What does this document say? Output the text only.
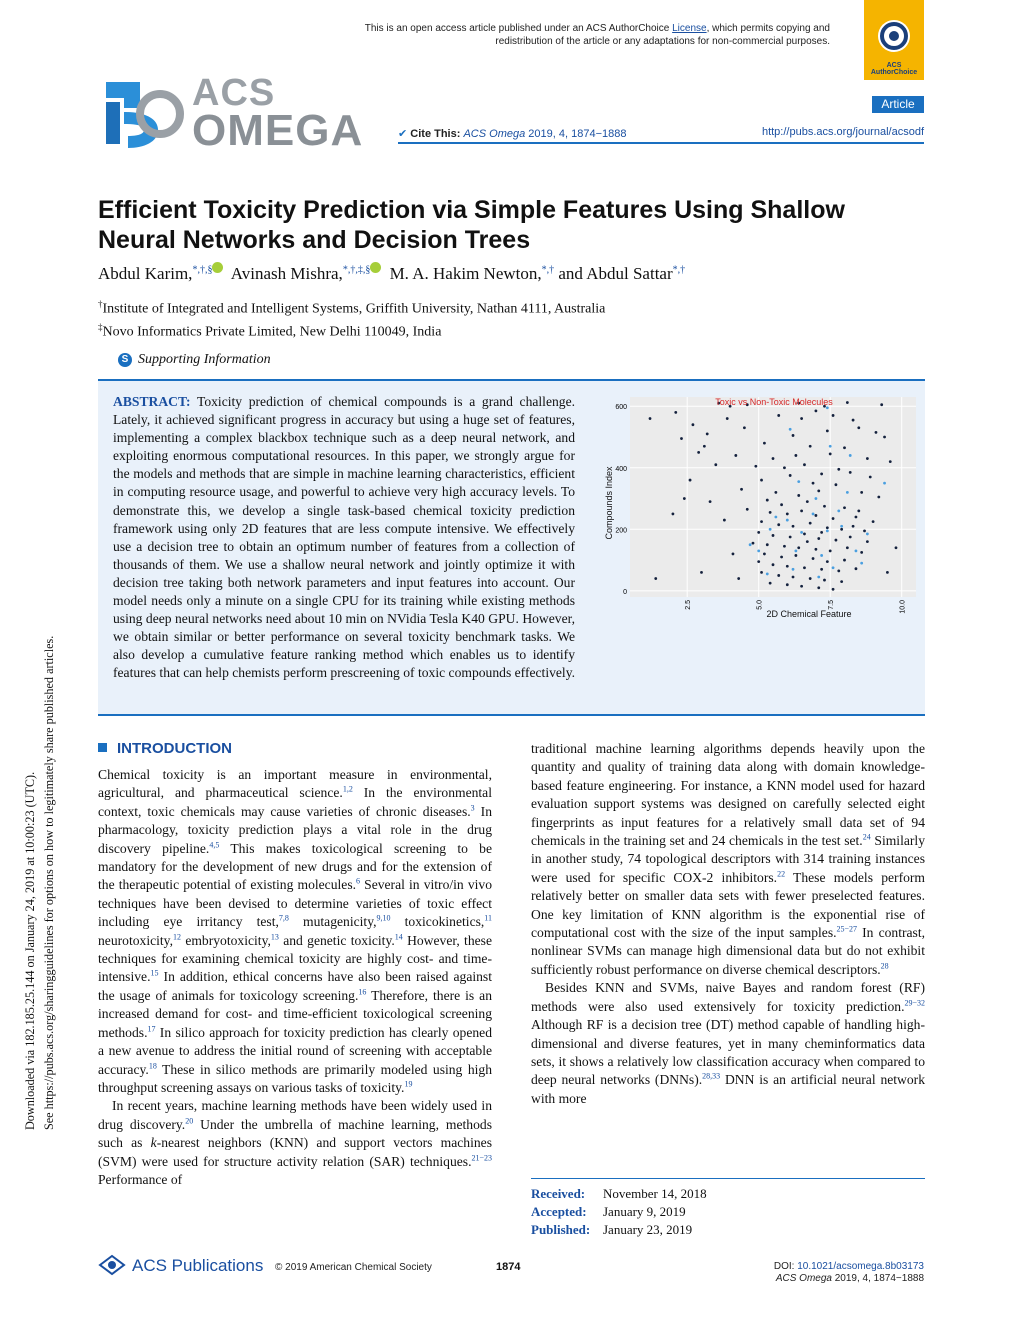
This is an open access article published under an ACS AuthorChoice License, which permits copying and redistribution of the article or any adaptations for non-commercial purposes.
ACS AuthorChoice
ACS
OMEGA
Article
✔ Cite This: ACS Omega 2019, 4, 1874−1888	http://pubs.acs.org/journal/acsodf
Efficient Toxicity Prediction via Simple Features Using Shallow Neural Networks and Decision Trees
Abdul Karim,*,†,§ Avinash Mishra,*,†,‡,§ M. A. Hakim Newton,*,† and Abdul Sattar*,†
†Institute of Integrated and Intelligent Systems, Griffith University, Nathan 4111, Australia
‡Novo Informatics Private Limited, New Delhi 110049, India
S Supporting Information
ABSTRACT: Toxicity prediction of chemical compounds is a grand challenge. Lately, it achieved significant progress in accuracy but using a huge set of features, implementing a complex blackbox technique such as a deep neural network, and exploiting enormous computational resources. In this paper, we strongly argue for the models and methods that are simple in machine learning characteristics, efficient in computing resource usage, and powerful to achieve very high accuracy levels. To demonstrate this, we develop a single task-based chemical toxicity prediction framework using only 2D features that are less compute intensive. We effectively use a decision tree to obtain an optimum number of features from a collection of thousands of them. We use a shallow neural network and jointly optimize it with decision tree taking both network parameters and input features into account. Our model needs only a minute on a single CPU for its training while existing methods using deep neural networks need about 10 min on NVidia Tesla K40 GPU. However, we obtain similar or better performance on several toxicity benchmark tasks. We also develop a cumulative feature ranking method which enables us to identify features that can help chemists perform prescreening of toxic compounds effectively.
0
200
400
600
2.5	5.0	7.5	10.0
Toxic vs Non-Toxic Molecules
2D Chemical Feature
Compounds Index
INTRODUCTION

Chemical toxicity is an important measure in environmental, agricultural, and pharmaceutical science.$^{1,2}$ In the environmental context, toxic chemicals may cause varieties of chronic diseases.$^3$ In pharmacology, toxicity prediction plays a vital role in the drug discovery pipeline.$^{4,5}$ This makes toxicological screening to be mandatory for the development of new drugs and for the extension of the therapeutic potential of existing molecules.$^6$ Several in vitro/in vivo techniques have been devised to determine varieties of toxic effect including eye irritancy test,$^{7,8}$ mutagenicity,$^{9,10}$ toxicokinetics,$^{11}$ neurotoxicity,$^{12}$ embryotoxicity,$^{13}$ and genetic toxicity.$^{14}$ However, these techniques for examining chemical toxicity are highly cost- and time-intensive.$^{15}$ In addition, ethical concerns have also been raised against the usage of animals for toxicology screening.$^{16}$ Therefore, there is an increased demand for cost- and time-efficient toxicological screening methods.$^{17}$ In silico approach for toxicity prediction has clearly opened a new avenue to address the initial round of screening with acceptable accuracy.$^{18}$ These in silico methods are primarily modeled using high throughput screening assays on various tasks of toxicity.$^{19}$

In recent years, machine learning methods have been widely used in drug discovery.$^{20}$ Under the umbrella of machine learning, methods such as k-nearest neighbors (KNN) and support vectors machines (SVM) were used for structure activity relation (SAR) techniques.$^{21-23}$ Performance of

traditional machine learning algorithms depends heavily upon the quantity and quality of training data along with domain knowledge-based feature engineering. For instance, a KNN model used for hazard evaluation support systems was designed on carefully selected eight fingerprints as input features for a relatively small data set of 94 chemicals in the training set and 24 chemicals in the test set.$^{24}$ Similarly in another study, 74 topological descriptors with 314 training instances were used for specific COX-2 inhibitors.$^{22}$ These models perform relatively better on smaller data sets with fewer preselected features. One key limitation of KNN algorithm is the exponential rise of computational cost with the size of the input samples.$^{25-27}$ In contrast, nonlinear SVMs can manage high dimensional data but do not exhibit sufficiently robust performance on diverse chemical descriptors.$^{28}$

Besides KNN and SVMs, naive Bayes and random forest (RF) methods were also used extensively for toxicity prediction.$^{29-32}$ Although RF is a decision tree (DT) method capable of handling high-dimensional and diverse features, yet in many cheminformatics data sets, it shows a relatively low classification accuracy when compared to deep neural networks (DNNs).$^{28,33}$ DNN is an artificial neural network with more

Received: November 14, 2018
Accepted: January 9, 2019
Published: January 23, 2019
Downloaded via 182.185.25.144 on January 24, 2019 at 10:00:23 (UTC). See https://pubs.acs.org/sharingguidelines for options on how to legitimately share published articles.
ACS Publications © 2019 American Chemical Society	1874	DOI: 10.1021/acsomega.8b03173
ACS Omega 2019, 4, 1874−1888
